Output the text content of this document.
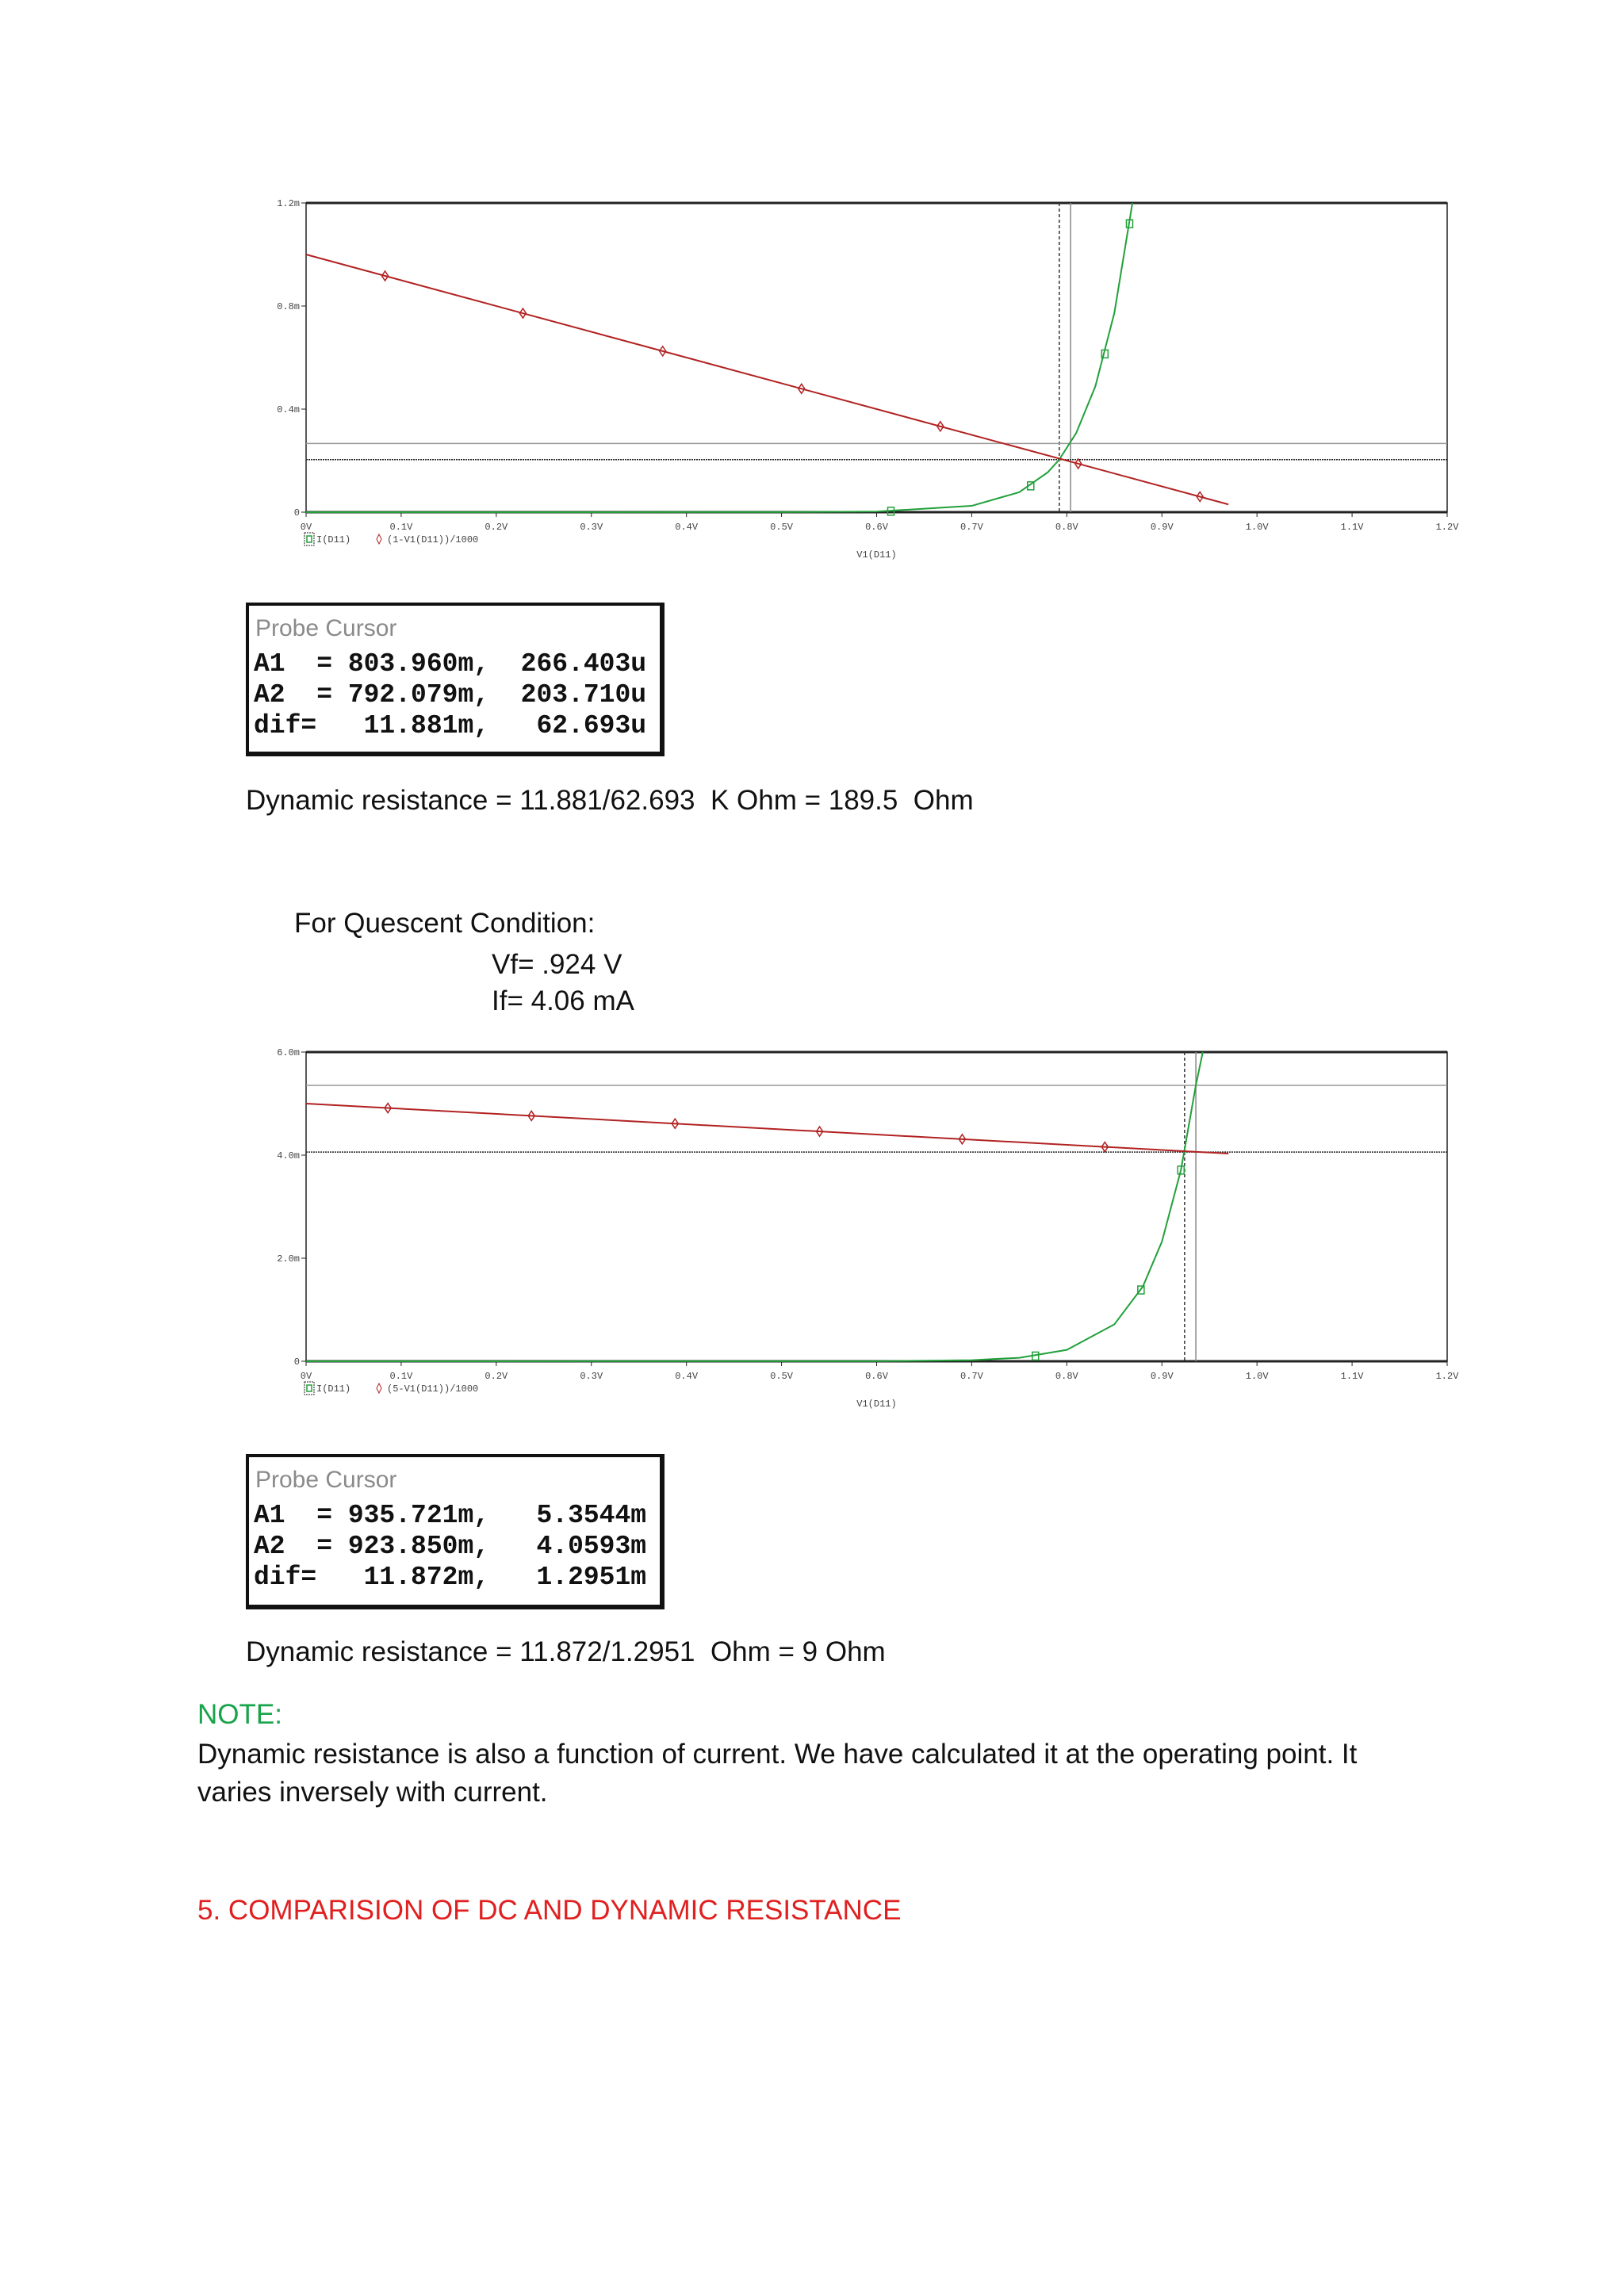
0V	0.1V	0.2V	0.3V	0.4V	0.5V	0.6V	0.7V	0.8V	0.9V	1.0V	1.1V	1.2V
0
0.4m
0.8m
1.2m
I(D11)	(1-V1(D11))/1000
V1(D11)
Probe Cursor
A1  = 803.960m,  266.403u
A2  = 792.079m,  203.710u
dif=   11.881m,   62.693u
Dynamic resistance = 11.881/62.693  K Ohm = 189.5  Ohm
For Quescent Condition:
Vf= .924 V
If= 4.06 mA
0V	0.1V	0.2V	0.3V	0.4V	0.5V	0.6V	0.7V	0.8V	0.9V	1.0V	1.1V	1.2V
0
2.0m
4.0m
6.0m
I(D11)	(5-V1(D11))/1000
V1(D11)
Probe Cursor
A1  = 935.721m,   5.3544m
A2  = 923.850m,   4.0593m
dif=   11.872m,   1.2951m
Dynamic resistance = 11.872/1.2951  Ohm = 9 Ohm
NOTE:
Dynamic resistance is also a function of current. We have calculated it at the operating point. It
varies inversely with current.
5. COMPARISION OF DC AND DYNAMIC RESISTANCE
